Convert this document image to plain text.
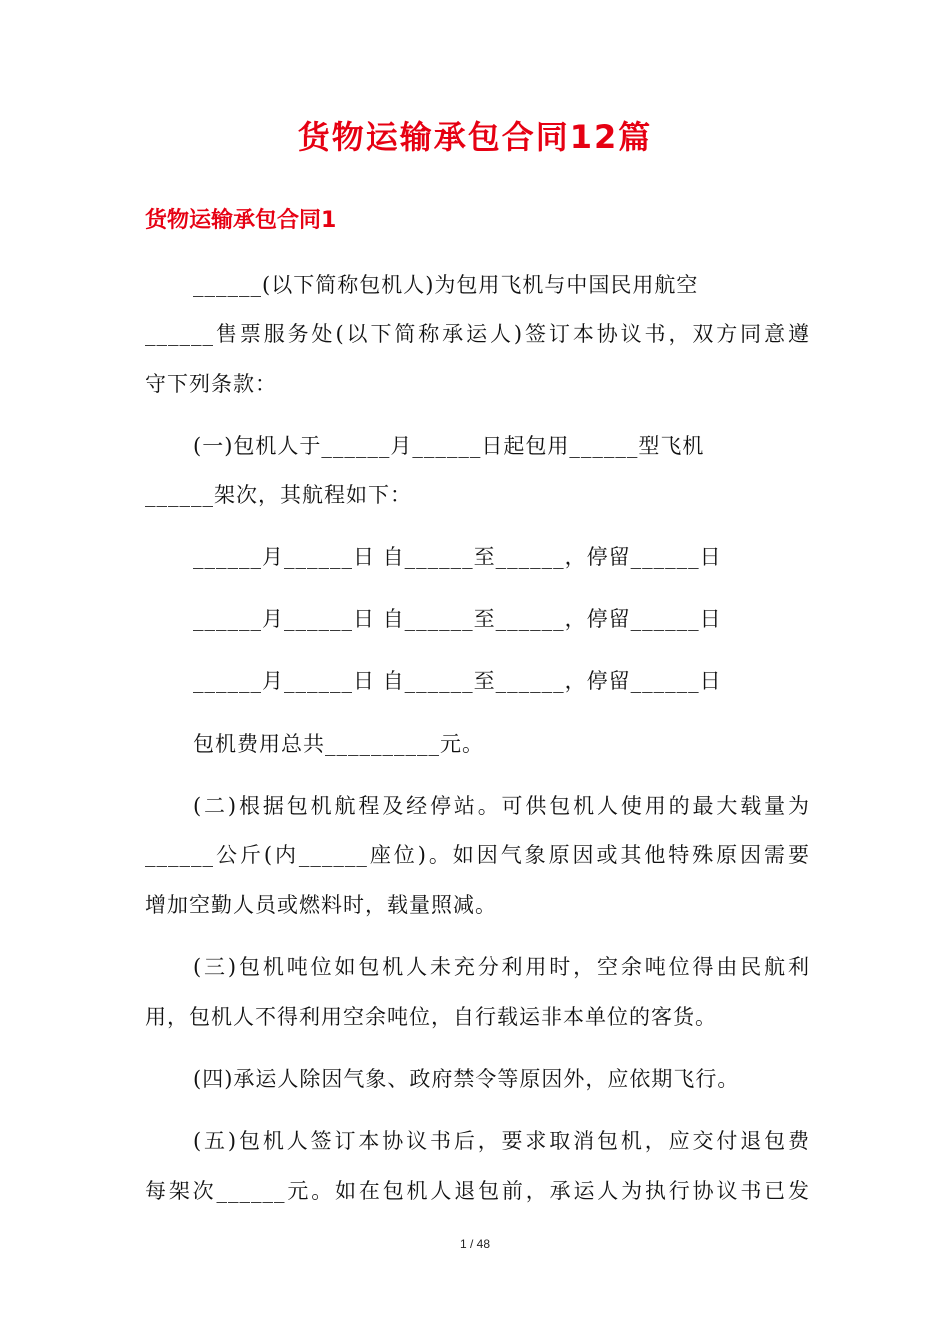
货物运输承包合同12篇
货物运输承包合同1
______(以下简称包机人)为包用飞机与中国民用航空
______售票服务处(以下简称承运人)签订本协议书，双方同意遵
守下列条款：
(一)包机人于______月______日起包用______型飞机
______架次，其航程如下：
______月______日 自______至______，停留______日
______月______日 自______至______，停留______日
______月______日 自______至______，停留______日
包机费用总共__________元。
(二)根据包机航程及经停站。可供包机人使用的最大载量为
______公斤(内______座位)。如因气象原因或其他特殊原因需要
增加空勤人员或燃料时，载量照减。
(三)包机吨位如包机人未充分利用时，空余吨位得由民航利
用，包机人不得利用空余吨位，自行载运非本单位的客货。
(四)承运人除因气象、政府禁令等原因外，应依期飞行。
(五)包机人签订本协议书后，要求取消包机，应交付退包费
每架次______元。如在包机人退包前，承运人为执行协议书已发
1 / 48
